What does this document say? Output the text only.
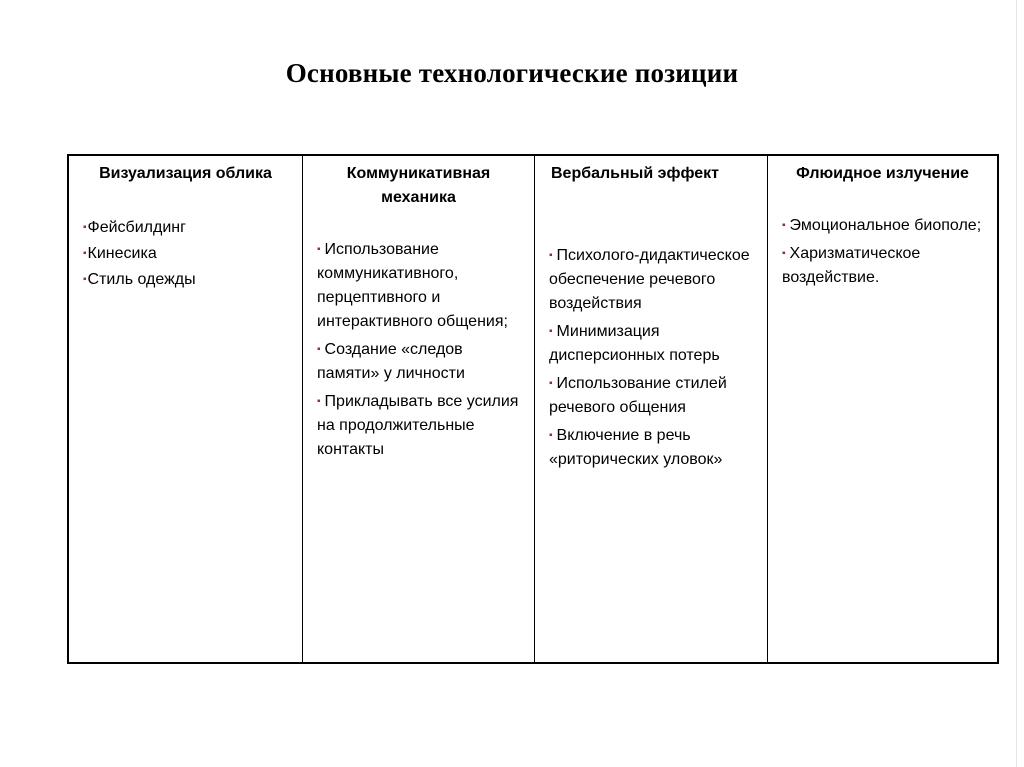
Основные технологические позиции
Визуализация облика
▪Фейсбилдинг
▪Кинесика
▪Стиль одежды
Коммуникативная механика
▪ Использование коммуникативного, перцептивного и интерактивного общения;
▪ Создание «следов памяти» у личности
▪ Прикладывать все усилия на продолжительные контакты
Вербальный эффект
▪ Психолого-дидактическое обеспечение речевого воздействия
▪ Минимизация дисперсионных потерь
▪ Использование стилей речевого общения
▪ Включение в речь «риторических уловок»
Флюидное излучение
▪ Эмоциональное биополе;
▪ Харизматическое воздействие.
